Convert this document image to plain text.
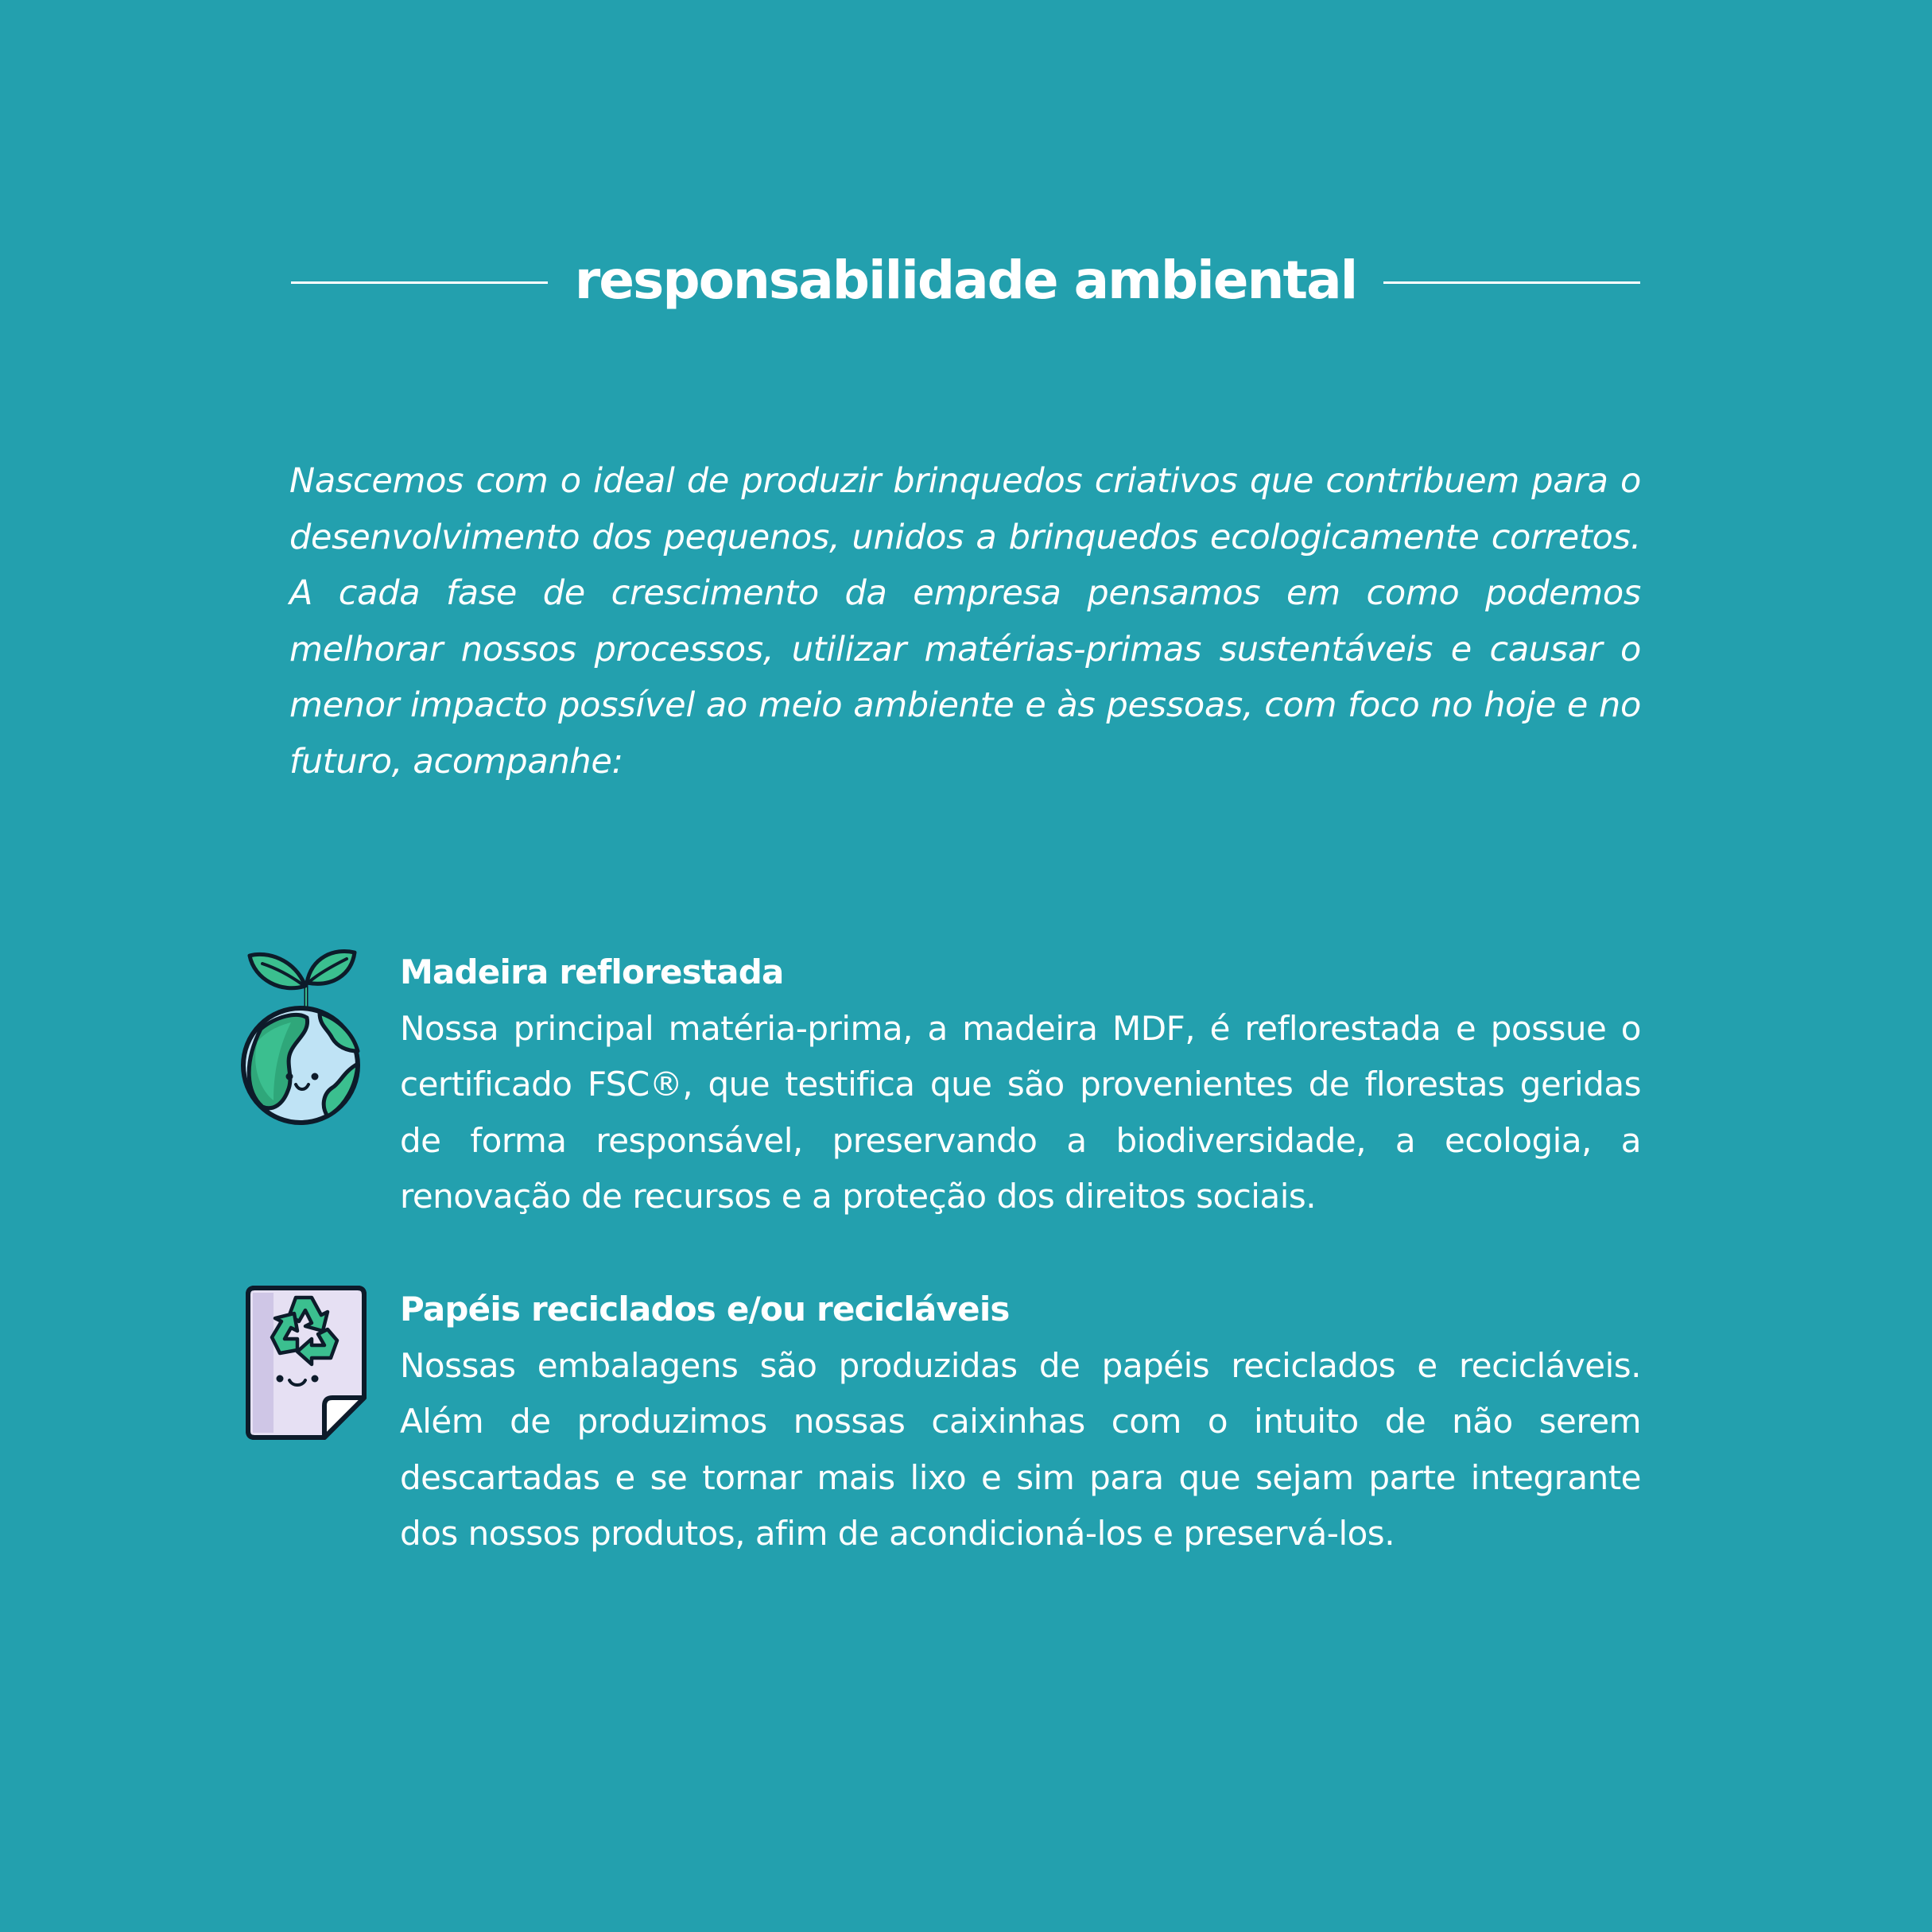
responsabilidade ambiental

Nascemos com o ideal de produzir brinquedos criativos que contribuem para o desenvolvimento dos pequenos, unidos a brinquedos ecologicamente corretos. A cada fase de crescimento da empresa pensamos em como podemos melhorar nossos processos, utilizar matérias-primas sustentáveis e causar o menor impacto possível ao meio ambiente e às pessoas, com foco no hoje e no futuro, acompanhe:

Madeira reflorestada

Nossa principal matéria-prima, a madeira MDF, é reflorestada e possue o certificado FSC®, que testifica que são provenientes de florestas geridas de forma responsável, preservando a biodiversidade, a ecologia, a renovação de recursos e a proteção dos direitos sociais.

Papéis reciclados e/ou recicláveis

Nossas embalagens são produzidas de papéis reciclados e recicláveis. Além de produzimos nossas caixinhas com o intuito de não serem descartadas e se tornar mais lixo e sim para que sejam parte integrante dos nossos produtos, afim de acondicioná-los e preservá-los.
